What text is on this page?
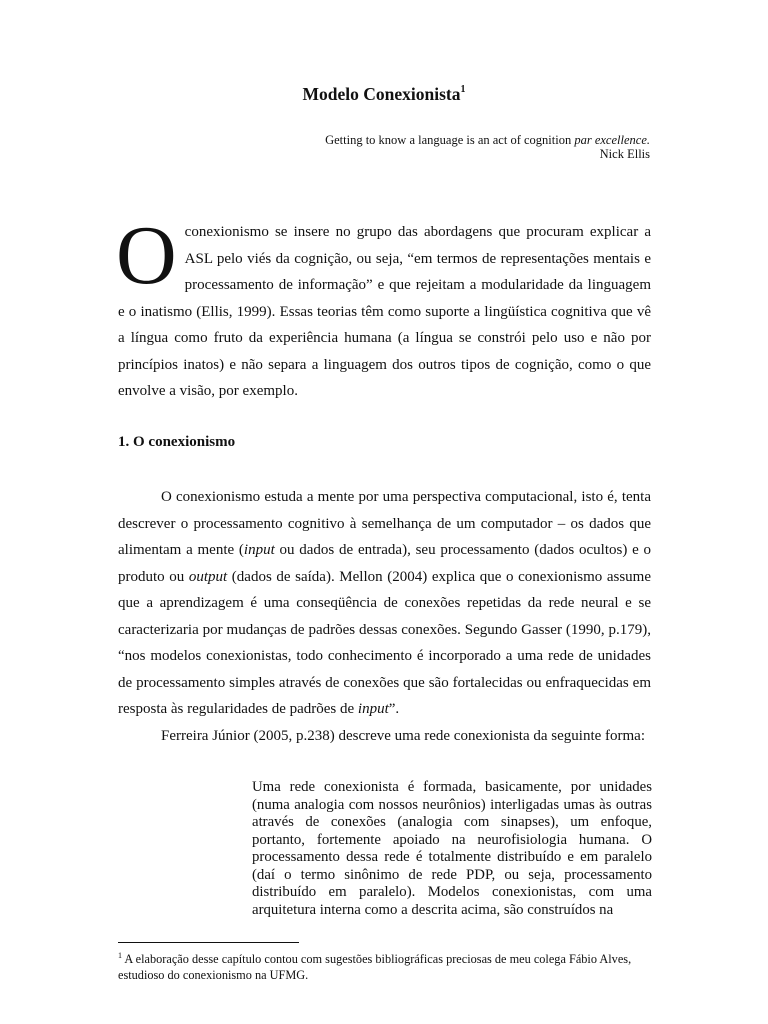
Modelo Conexionista$^1$
Getting to know a language is an act of cognition par excellence.
Nick Ellis
O conexionismo se insere no grupo das abordagens que procuram explicar a ASL pelo viés da cognição, ou seja, “em termos de representações mentais e processamento de informação” e que rejeitam a modularidade da linguagem e o inatismo (Ellis, 1999). Essas teorias têm como suporte a lingüística cognitiva que vê a língua como fruto da experiência humana (a língua se constrói pelo uso e não por princípios inatos) e não separa a linguagem dos outros tipos de cognição, como o que envolve a visão, por exemplo.
1. O conexionismo
O conexionismo estuda a mente por uma perspectiva computacional, isto é, tenta descrever o processamento cognitivo à semelhança de um computador – os dados que alimentam a mente (input ou dados de entrada), seu processamento (dados ocultos) e o produto ou output (dados de saída). Mellon (2004) explica que o conexionismo assume que a aprendizagem é uma conseqüência de conexões repetidas da rede neural e se caracterizaria por mudanças de padrões dessas conexões. Segundo Gasser (1990, p.179), “nos modelos conexionistas, todo conhecimento é incorporado a uma rede de unidades de processamento simples através de conexões que são fortalecidas ou enfraquecidas em resposta às regularidades de padrões de input”.
Ferreira Júnior (2005, p.238) descreve uma rede conexionista da seguinte forma:
Uma rede conexionista é formada, basicamente, por unidades (numa analogia com nossos neurônios) interligadas umas às outras através de conexões (analogia com sinapses), um enfoque, portanto, fortemente apoiado na neurofisiologia humana. O processamento dessa rede é totalmente distribuído e em paralelo (daí o termo sinônimo de rede PDP, ou seja, processamento distribuído em paralelo). Modelos conexionistas, com uma arquitetura interna como a descrita acima, são construídos na
$^1$ A elaboração desse capítulo contou com sugestões bibliográficas preciosas de meu colega Fábio Alves, estudioso do conexionismo na UFMG.
